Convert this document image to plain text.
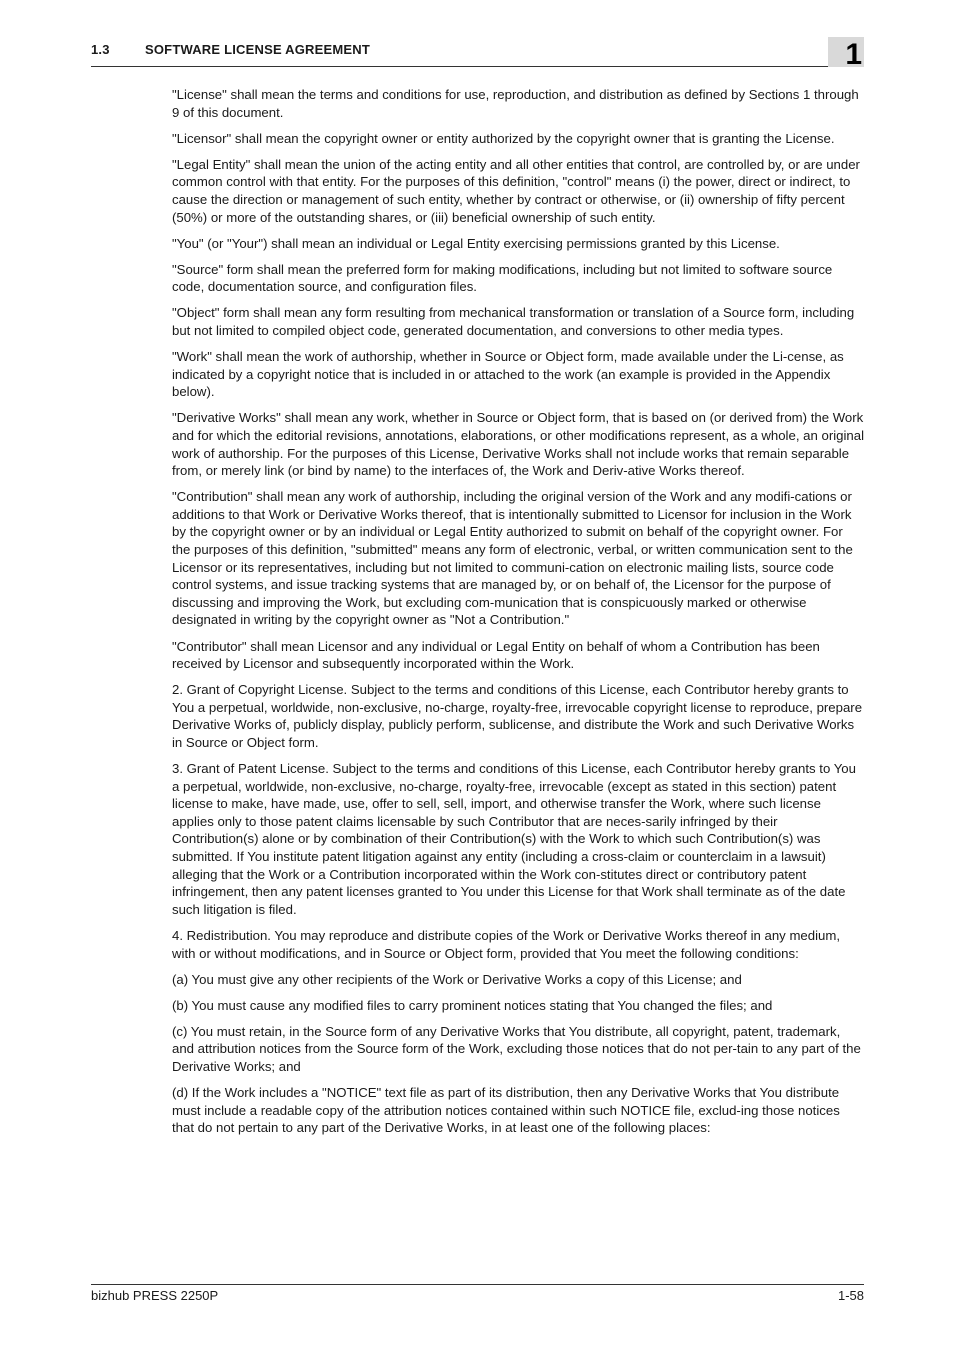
1.3	SOFTWARE LICENSE AGREEMENT	1

"License" shall mean the terms and conditions for use, reproduction, and distribution as defined by Sections 1 through 9 of this document.

"Licensor" shall mean the copyright owner or entity authorized by the copyright owner that is granting the License.

"Legal Entity" shall mean the union of the acting entity and all other entities that control, are controlled by, or are under common control with that entity. For the purposes of this definition, "control" means (i) the power, direct or indirect, to cause the direction or management of such entity, whether by contract or otherwise, or (ii) ownership of fifty percent (50%) or more of the outstanding shares, or (iii) beneficial ownership of such entity.

"You" (or "Your") shall mean an individual or Legal Entity exercising permissions granted by this License.

"Source" form shall mean the preferred form for making modifications, including but not limited to software source code, documentation source, and configuration files.

"Object" form shall mean any form resulting from mechanical transformation or translation of a Source form, including but not limited to compiled object code, generated documentation, and conversions to other media types.

"Work" shall mean the work of authorship, whether in Source or Object form, made available under the Li-cense, as indicated by a copyright notice that is included in or attached to the work (an example is provided in the Appendix below).

"Derivative Works" shall mean any work, whether in Source or Object form, that is based on (or derived from) the Work and for which the editorial revisions, annotations, elaborations, or other modifications represent, as a whole, an original work of authorship. For the purposes of this License, Derivative Works shall not include works that remain separable from, or merely link (or bind by name) to the interfaces of, the Work and Deriv-ative Works thereof.

"Contribution" shall mean any work of authorship, including the original version of the Work and any modifi-cations or additions to that Work or Derivative Works thereof, that is intentionally submitted to Licensor for inclusion in the Work by the copyright owner or by an individual or Legal Entity authorized to submit on behalf of the copyright owner. For the purposes of this definition, "submitted" means any form of electronic, verbal, or written communication sent to the Licensor or its representatives, including but not limited to communi-cation on electronic mailing lists, source code control systems, and issue tracking systems that are managed by, or on behalf of, the Licensor for the purpose of discussing and improving the Work, but excluding com-munication that is conspicuously marked or otherwise designated in writing by the copyright owner as "Not a Contribution."

"Contributor" shall mean Licensor and any individual or Legal Entity on behalf of whom a Contribution has been received by Licensor and subsequently incorporated within the Work.

2. Grant of Copyright License. Subject to the terms and conditions of this License, each Contributor hereby grants to You a perpetual, worldwide, non-exclusive, no-charge, royalty-free, irrevocable copyright license to reproduce, prepare Derivative Works of, publicly display, publicly perform, sublicense, and distribute the Work and such Derivative Works in Source or Object form.

3. Grant of Patent License. Subject to the terms and conditions of this License, each Contributor hereby grants to You a perpetual, worldwide, non-exclusive, no-charge, royalty-free, irrevocable (except as stated in this section) patent license to make, have made, use, offer to sell, sell, import, and otherwise transfer the Work, where such license applies only to those patent claims licensable by such Contributor that are neces-sarily infringed by their Contribution(s) alone or by combination of their Contribution(s) with the Work to which such Contribution(s) was submitted. If You institute patent litigation against any entity (including a cross-claim or counterclaim in a lawsuit) alleging that the Work or a Contribution incorporated within the Work con-stitutes direct or contributory patent infringement, then any patent licenses granted to You under this License for that Work shall terminate as of the date such litigation is filed.

4. Redistribution. You may reproduce and distribute copies of the Work or Derivative Works thereof in any medium, with or without modifications, and in Source or Object form, provided that You meet the following conditions:

(a) You must give any other recipients of the Work or Derivative Works a copy of this License; and

(b) You must cause any modified files to carry prominent notices stating that You changed the files; and

(c) You must retain, in the Source form of any Derivative Works that You distribute, all copyright, patent, trademark, and attribution notices from the Source form of the Work, excluding those notices that do not per-tain to any part of the Derivative Works; and

(d) If the Work includes a "NOTICE" text file as part of its distribution, then any Derivative Works that You distribute must include a readable copy of the attribution notices contained within such NOTICE file, exclud-ing those notices that do not pertain to any part of the Derivative Works, in at least one of the following places:

bizhub PRESS 2250P	1-58
